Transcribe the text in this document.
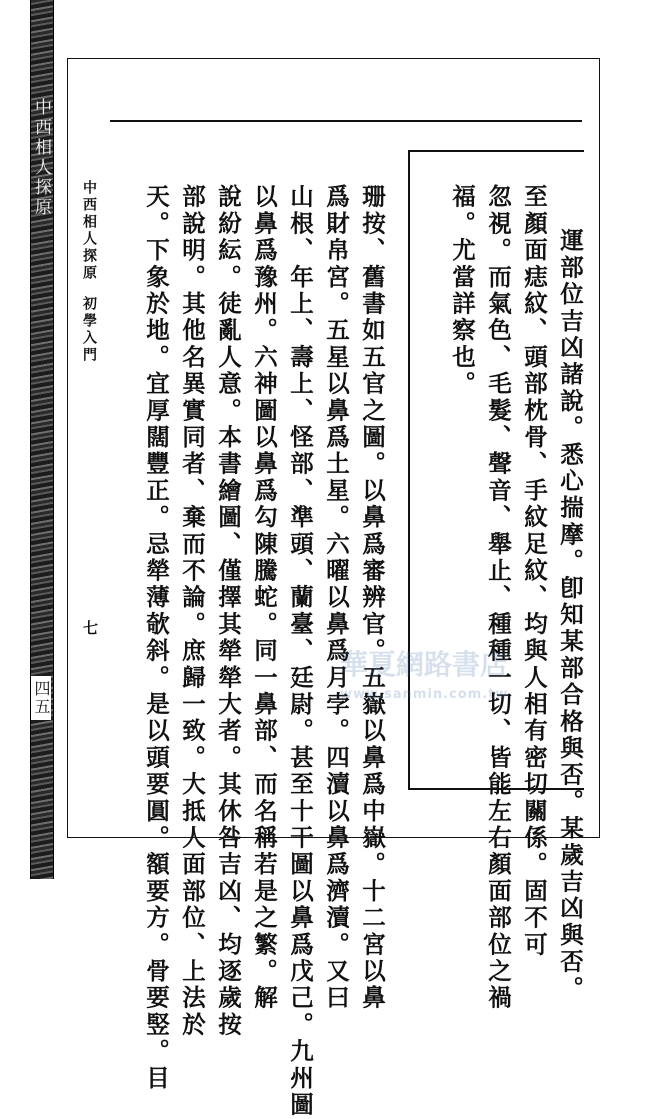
中西相人探原
四五	運部位吉凶諸說。悉心揣摩。卽知某部合格與否。某歲吉凶與否。
至顏面痣紋、頭部枕骨、手紋足紋、均與人相有密切關係。固不可
忽視。而氣色、毛髮、聲音、舉止、種種一切、皆能左右顏面部位之禍
福。尤當詳察也。
珊按、舊書如五官之圖。以鼻爲審辨官。五嶽以鼻爲中嶽。十二宮以鼻
爲財帛宮。五星以鼻爲土星。六曜以鼻爲月孛。四瀆以鼻爲濟瀆。又曰
山根、年上、壽上、怪部、準頭、蘭臺、廷尉。甚至十干圖以鼻爲戊己。九州圖
以鼻爲豫州。六神圖以鼻爲勾陳騰蛇。同一鼻部、而名稱若是之繁。解
說紛紜。徒亂人意。本書繪圖、僅擇其犖犖大者。其休咎吉凶、均逐歲按
部說明。其他名異實同者、棄而不論。庶歸一致。大抵人面部位、上法於
天。下象於地。宜厚闊豐正。忌犖薄欹斜。是以頭要圓。額要方。骨要竪。目
中西相人探原
初學入門
七
華夏網路書店
www.sanmin.com.tw
